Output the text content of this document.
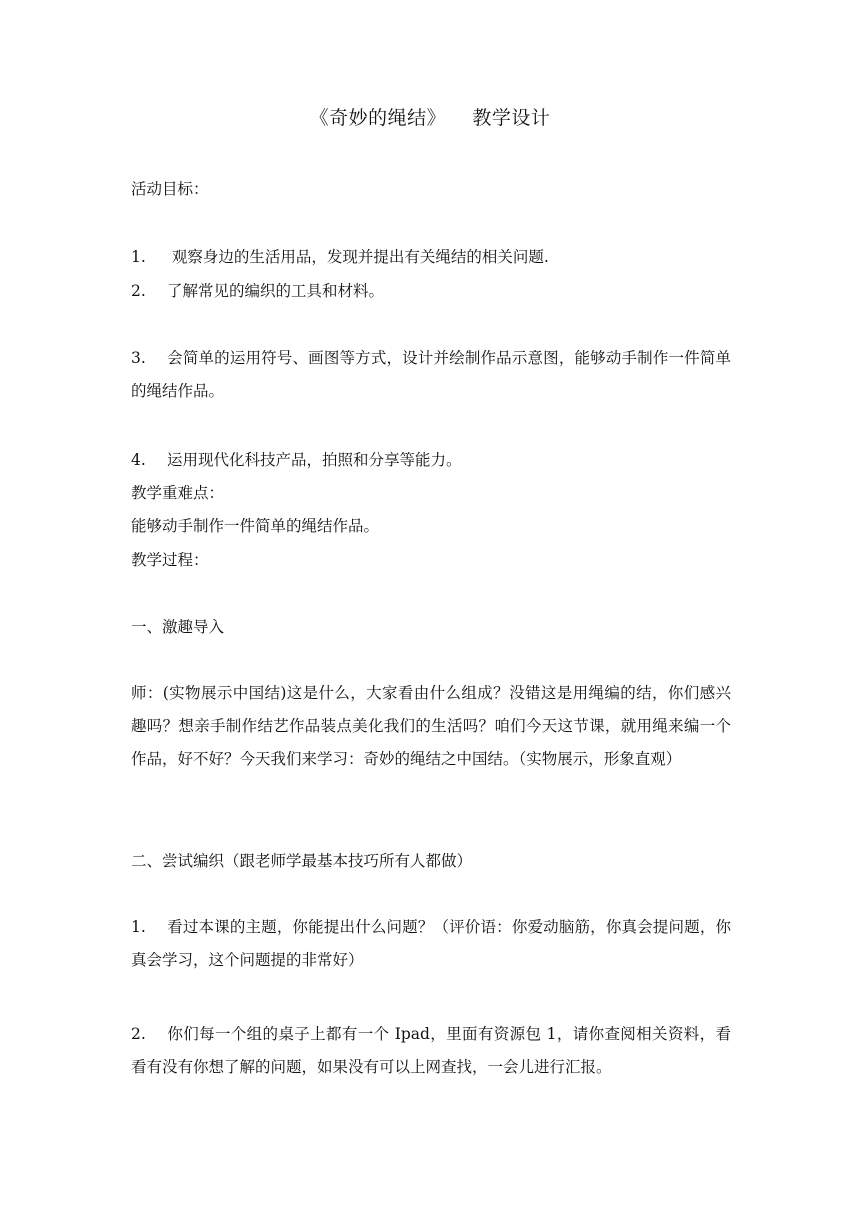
《奇妙的绳结》    教学设计
活动目标：
1. 观察身边的生活用品，发现并提出有关绳结的相关问题.
2. 了解常见的编织的工具和材料。
3. 会简单的运用符号、画图等方式，设计并绘制作品示意图，能够动手制作一件简单的绳结作品。
4. 运用现代化科技产品，拍照和分享等能力。
教学重难点：
能够动手制作一件简单的绳结作品。
教学过程：
一、激趣导入
师：(实物展示中国结)这是什么，大家看由什么组成？没错这是用绳编的结，你们感兴趣吗？想亲手制作结艺作品装点美化我们的生活吗？咱们今天这节课，就用绳来编一个作品，好不好？今天我们来学习：奇妙的绳结之中国结。（实物展示，形象直观）
二、尝试编织（跟老师学最基本技巧所有人都做）
1. 看过本课的主题，你能提出什么问题？（评价语：你爱动脑筋，你真会提问题，你真会学习，这个问题提的非常好）
2. 你们每一个组的桌子上都有一个 Ipad，里面有资源包 1，请你查阅相关资料，看看有没有你想了解的问题，如果没有可以上网查找，一会儿进行汇报。
